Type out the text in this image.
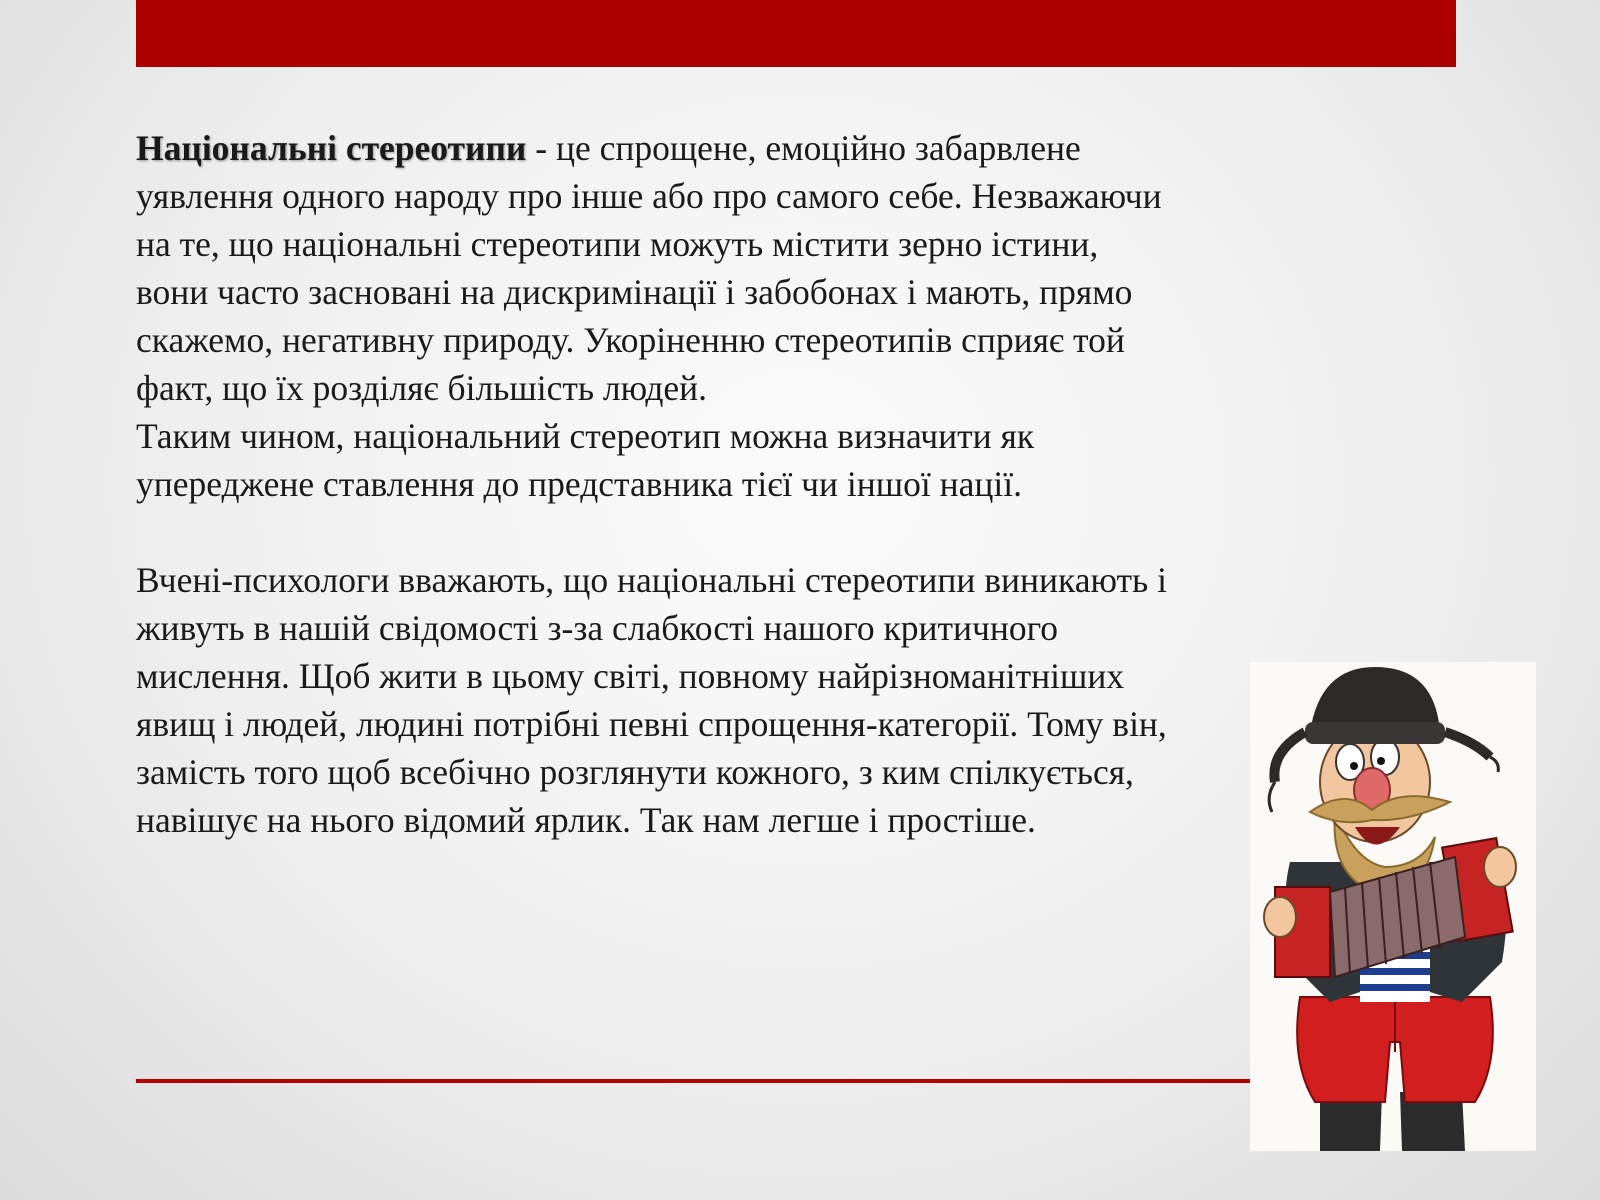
Національні стереотипи - це спрощене, емоційно забарвлене

уявлення одного народу про інше або про самого себе. Незважаючи

на те, що національні стереотипи можуть містити зерно істини,

вони часто засновані на дискримінації і забобонах і мають, прямо

скажемо, негативну природу. Укоріненню стереотипів сприяє той

факт, що їх розділяє більшість людей.

Таким чином, національний стереотип можна визначити як

упереджене ставлення до представника тієї чи іншої нації.

Вчені-психологи вважають, що національні стереотипи виникають і

живуть в нашій свідомості з-за слабкості нашого критичного

мислення. Щоб жити в цьому світі, повному найрізноманітніших

явищ і людей, людині потрібні певні спрощення-категорії. Тому він,

замість того щоб всебічно розглянути кожного, з ким спілкується,

навішує на нього відомий ярлик. Так нам легше і простіше.
